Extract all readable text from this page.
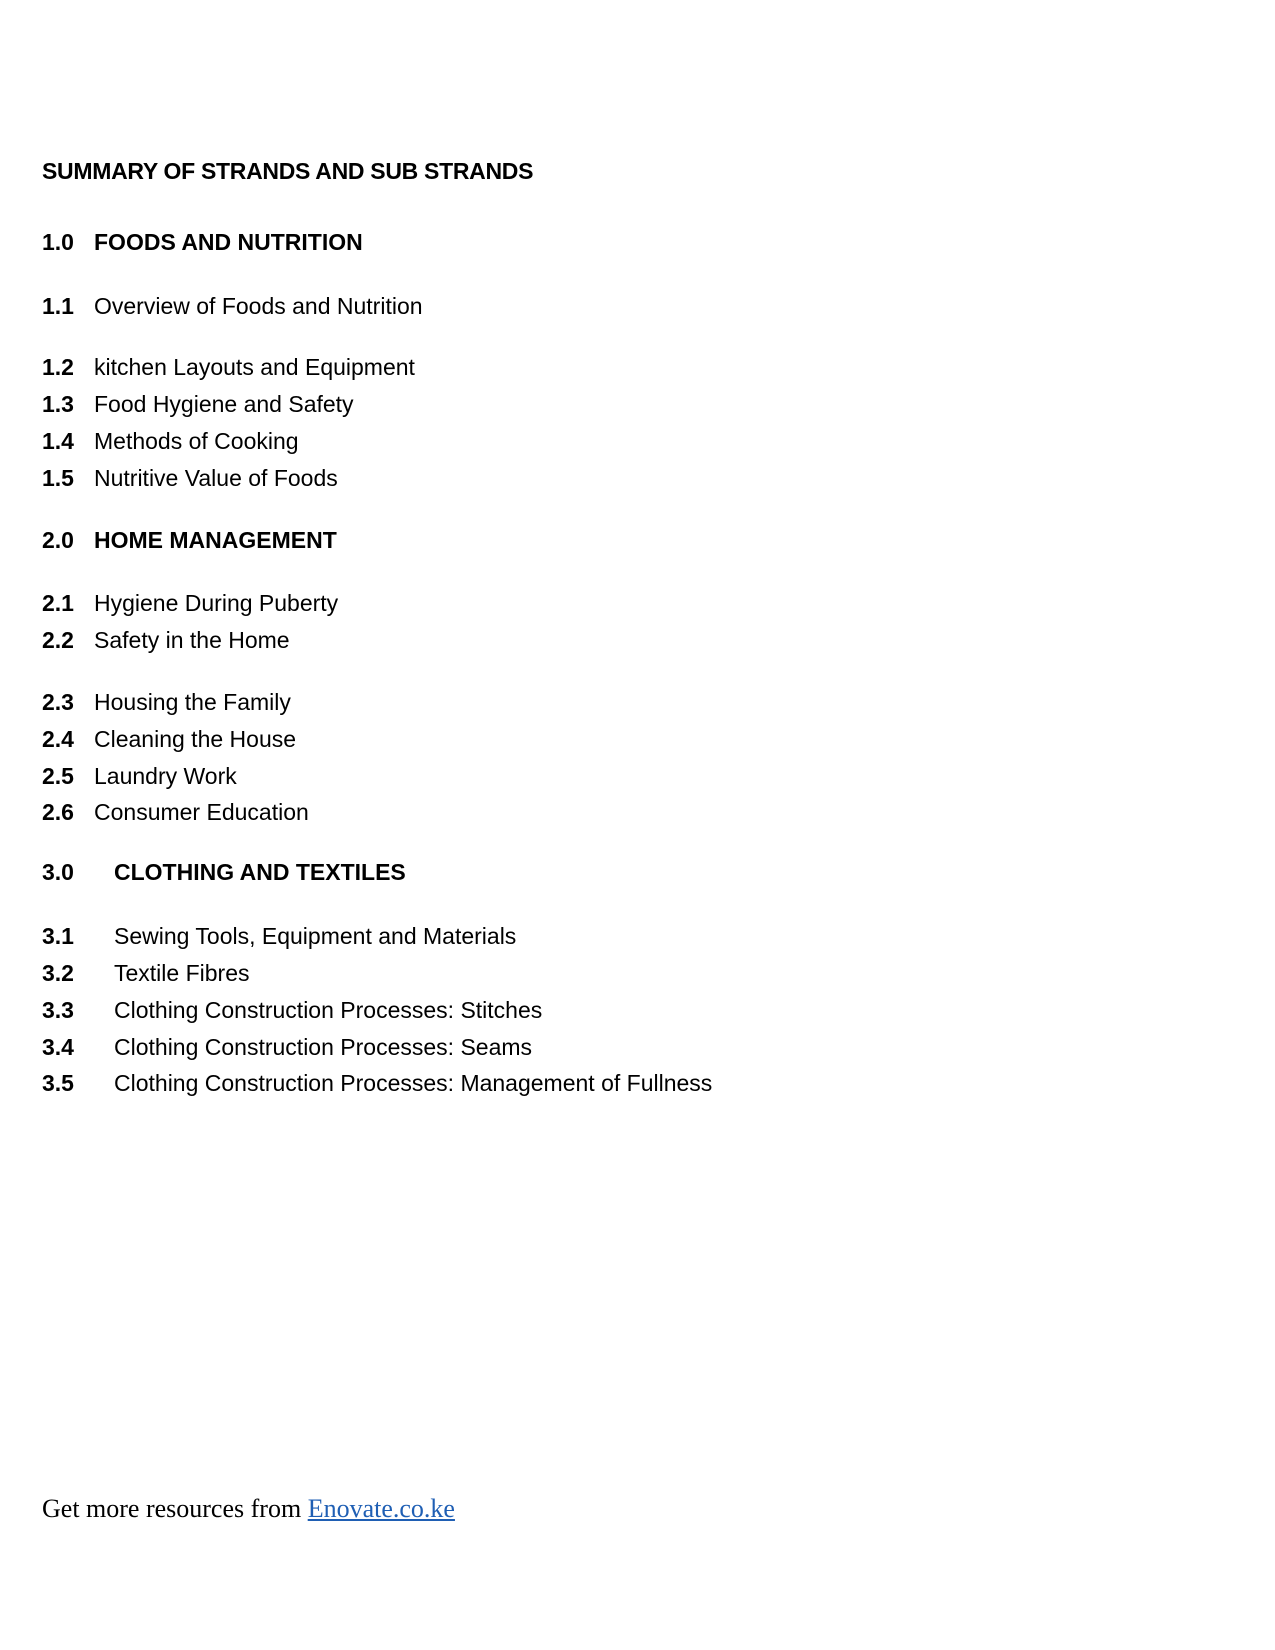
SUMMARY OF STRANDS AND SUB STRANDS
1.0 FOODS AND NUTRITION
1.1 Overview of Foods and Nutrition
1.2 kitchen Layouts and Equipment
1.3 Food Hygiene and Safety
1.4 Methods of Cooking
1.5 Nutritive Value of Foods
2.0 HOME MANAGEMENT
2.1 Hygiene During Puberty
2.2 Safety in the Home
2.3 Housing the Family
2.4 Cleaning the House
2.5 Laundry Work
2.6 Consumer Education
3.0 CLOTHING AND TEXTILES
3.1 Sewing Tools, Equipment and Materials
3.2 Textile Fibres
3.3 Clothing Construction Processes: Stitches
3.4 Clothing Construction Processes: Seams
3.5 Clothing Construction Processes: Management of Fullness
Get more resources from Enovate.co.ke
